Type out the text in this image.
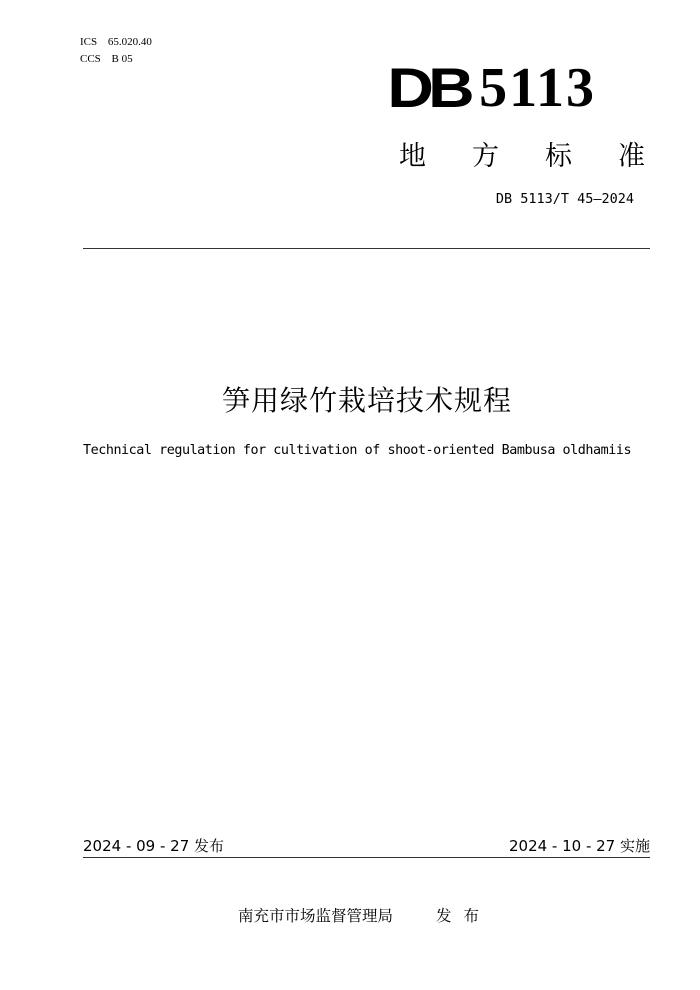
ICS 65.020.40
CCS B 05	DB 5113
地方标准
DB 5113/T 45—2024
笋用绿竹栽培技术规程
Technical regulation for cultivation of shoot-oriented Bambusa oldhamiis
2024 - 09 - 27 发布	2024 - 10 - 27 实施
南充市市场监督管理局	发布
